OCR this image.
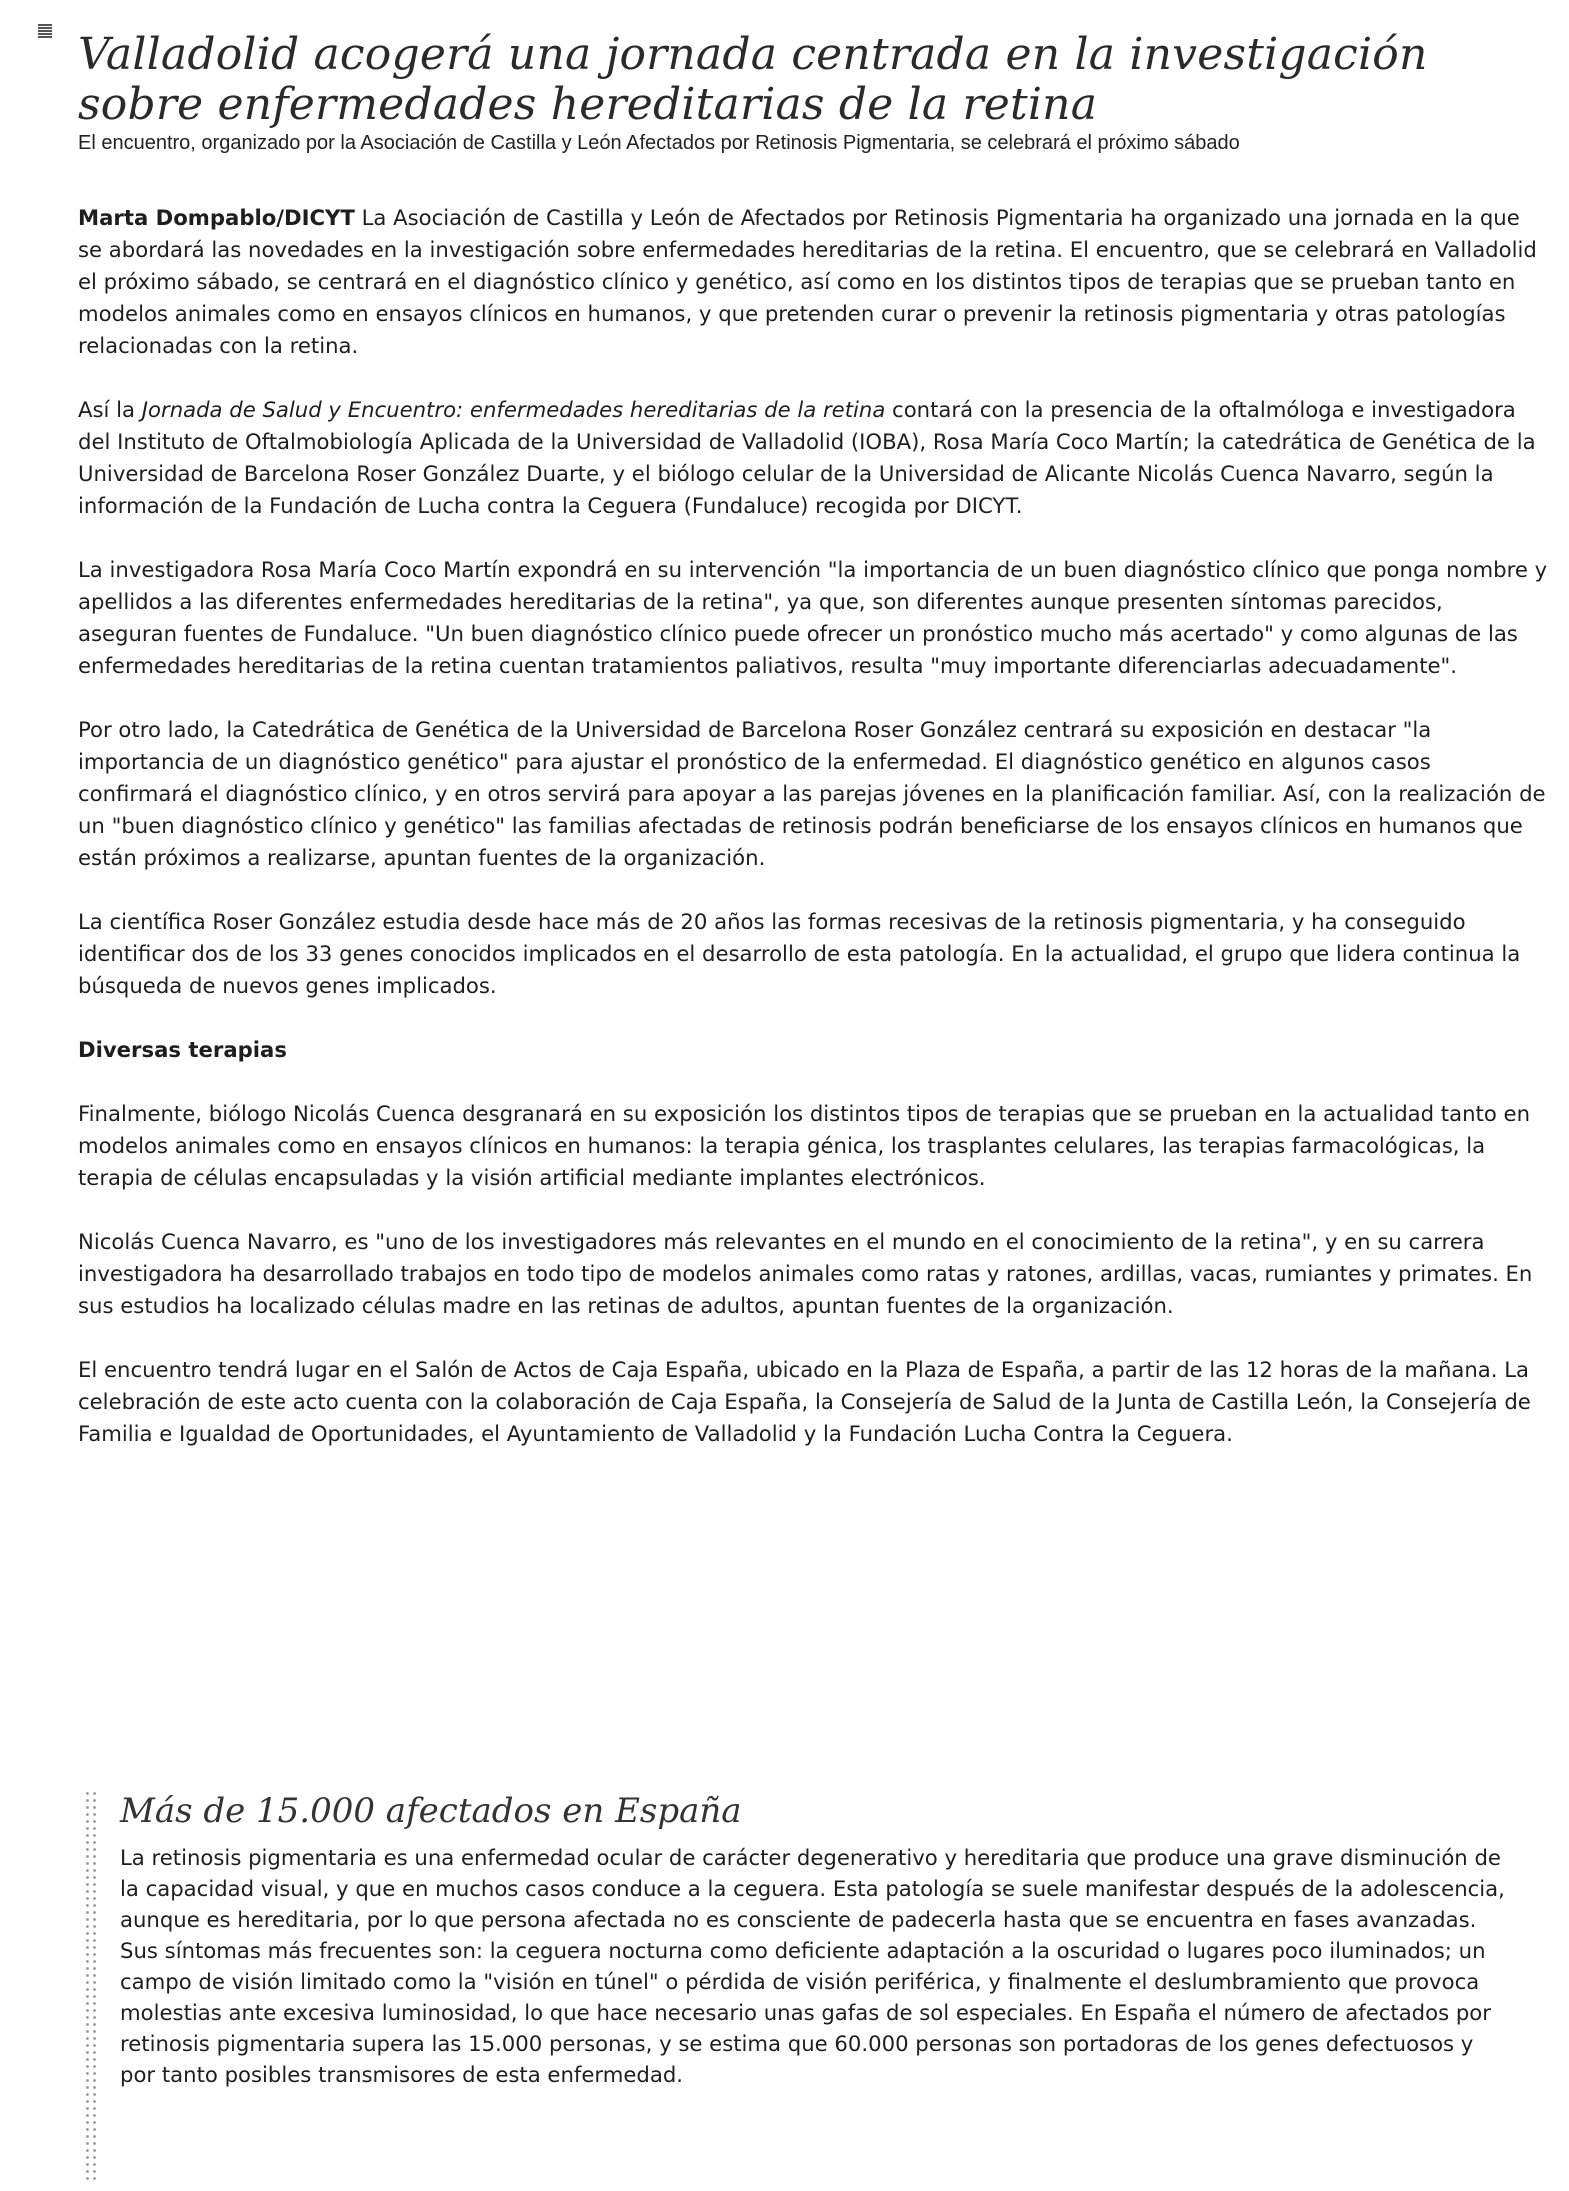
Valladolid acogerá una jornada centrada en la investigación sobre enfermedades hereditarias de la retina

El encuentro, organizado por la Asociación de Castilla y León Afectados por Retinosis Pigmentaria, se celebrará el próximo sábado

Marta Dompablo/DICYT La Asociación de Castilla y León de Afectados por Retinosis Pigmentaria ha organizado una jornada en la que se abordará las novedades en la investigación sobre enfermedades hereditarias de la retina. El encuentro, que se celebrará en Valladolid el próximo sábado, se centrará en el diagnóstico clínico y genético, así como en los distintos tipos de terapias que se prueban tanto en modelos animales como en ensayos clínicos en humanos, y que pretenden curar o prevenir la retinosis pigmentaria y otras patologías relacionadas con la retina.

Así la Jornada de Salud y Encuentro: enfermedades hereditarias de la retina contará con la presencia de la oftalmóloga e investigadora del Instituto de Oftalmobiología Aplicada de la Universidad de Valladolid (IOBA), Rosa María Coco Martín; la catedrática de Genética de la Universidad de Barcelona Roser González Duarte, y el biólogo celular de la Universidad de Alicante Nicolás Cuenca Navarro, según la información de la Fundación de Lucha contra la Ceguera (Fundaluce) recogida por DICYT.

La investigadora Rosa María Coco Martín expondrá en su intervención "la importancia de un buen diagnóstico clínico que ponga nombre y apellidos a las diferentes enfermedades hereditarias de la retina", ya que, son diferentes aunque presenten síntomas parecidos, aseguran fuentes de Fundaluce. "Un buen diagnóstico clínico puede ofrecer un pronóstico mucho más acertado" y como algunas de las enfermedades hereditarias de la retina cuentan tratamientos paliativos, resulta "muy importante diferenciarlas adecuadamente".

Por otro lado, la Catedrática de Genética de la Universidad de Barcelona Roser González centrará su exposición en destacar "la importancia de un diagnóstico genético" para ajustar el pronóstico de la enfermedad. El diagnóstico genético en algunos casos confirmará el diagnóstico clínico, y en otros servirá para apoyar a las parejas jóvenes en la planificación familiar. Así, con la realización de un "buen diagnóstico clínico y genético" las familias afectadas de retinosis podrán beneficiarse de los ensayos clínicos en humanos que están próximos a realizarse, apuntan fuentes de la organización.

La científica Roser González estudia desde hace más de 20 años las formas recesivas de la retinosis pigmentaria, y ha conseguido identificar dos de los 33 genes conocidos implicados en el desarrollo de esta patología. En la actualidad, el grupo que lidera continua la búsqueda de nuevos genes implicados.

Diversas terapias

Finalmente, biólogo Nicolás Cuenca desgranará en su exposición los distintos tipos de terapias que se prueban en la actualidad tanto en modelos animales como en ensayos clínicos en humanos: la terapia génica, los trasplantes celulares, las terapias farmacológicas, la terapia de células encapsuladas y la visión artificial mediante implantes electrónicos.

Nicolás Cuenca Navarro, es "uno de los investigadores más relevantes en el mundo en el conocimiento de la retina", y en su carrera investigadora ha desarrollado trabajos en todo tipo de modelos animales como ratas y ratones, ardillas, vacas, rumiantes y primates. En sus estudios ha localizado células madre en las retinas de adultos, apuntan fuentes de la organización.

El encuentro tendrá lugar en el Salón de Actos de Caja España, ubicado en la Plaza de España, a partir de las 12 horas de la mañana. La celebración de este acto cuenta con la colaboración de Caja España, la Consejería de Salud de la Junta de Castilla León, la Consejería de Familia e Igualdad de Oportunidades, el Ayuntamiento de Valladolid y la Fundación Lucha Contra la Ceguera.

Más de 15.000 afectados en España

La retinosis pigmentaria es una enfermedad ocular de carácter degenerativo y hereditaria que produce una grave disminución de la capacidad visual, y que en muchos casos conduce a la ceguera. Esta patología se suele manifestar después de la adolescencia, aunque es hereditaria, por lo que persona afectada no es consciente de padecerla hasta que se encuentra en fases avanzadas. Sus síntomas más frecuentes son: la ceguera nocturna como deficiente adaptación a la oscuridad o lugares poco iluminados; un campo de visión limitado como la "visión en túnel" o pérdida de visión periférica, y finalmente el deslumbramiento que provoca molestias ante excesiva luminosidad, lo que hace necesario unas gafas de sol especiales. En España el número de afectados por retinosis pigmentaria supera las 15.000 personas, y se estima que 60.000 personas son portadoras de los genes defectuosos y por tanto posibles transmisores de esta enfermedad.
